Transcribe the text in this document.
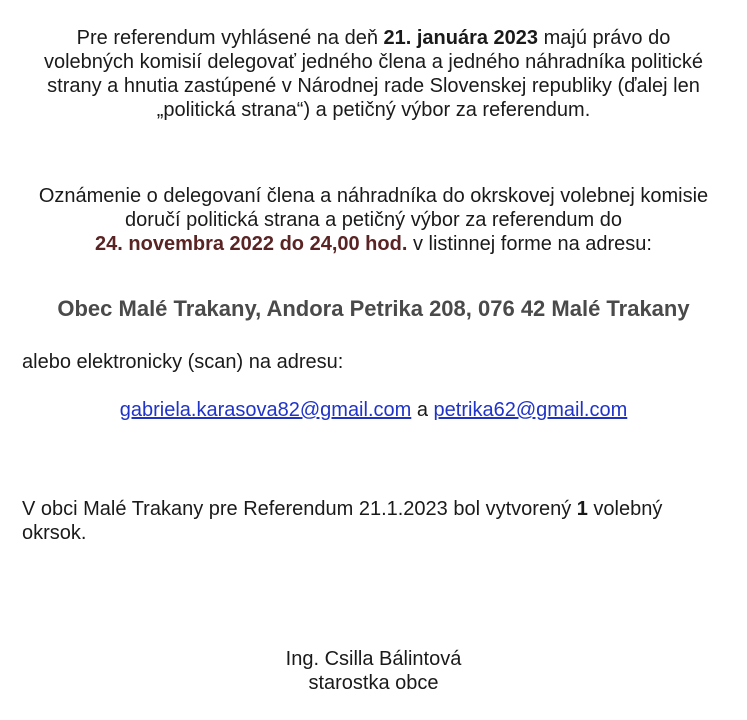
Pre referendum vyhlásené na deň 21. januára 2023 majú právo do volebných komisií delegovať jedného člena a jedného náhradníka politické strany a hnutia zastúpené v Národnej rade Slovenskej republiky (ďalej len „politická strana“) a petičný výbor za referendum.

Oznámenie o delegovaní člena a náhradníka do okrskovej volebnej komisie
doručí politická strana a petičný výbor za referendum do
24. novembra 2022 do 24,00 hod. v listinnej forme na adresu:
Obec Malé Trakany, Andora Petrika 208, 076 42 Malé Trakany
alebo elektronicky (scan) na adresu:
gabriela.karasova82@gmail.com a petrika62@gmail.com

V obci Malé Trakany pre Referendum 21.1.2023 bol vytvorený 1 volebný okrsok.

Ing. Csilla Bálintová
starostka obce
